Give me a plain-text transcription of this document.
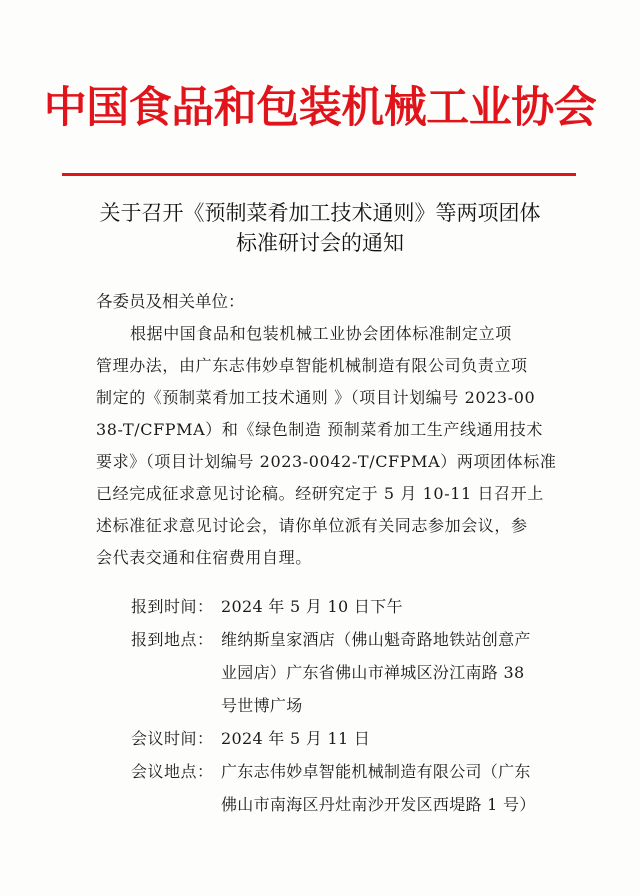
中国食品和包装机械工业协会
关于召开《预制菜肴加工技术通则》等两项团体
标准研讨会的通知
各委员及相关单位：
根据中国食品和包装机械工业协会团体标准制定立项
管理办法，由广东志伟妙卓智能机械制造有限公司负责立项
制定的《预制菜肴加工技术通则 》（项目计划编号 2023-00
38-T/CFPMA）和《绿色制造 预制菜肴加工生产线通用技术
要求》（项目计划编号 2023-0042-T/CFPMA）两项团体标准
已经完成征求意见讨论稿。经研究定于 5 月 10-11 日召开上
述标准征求意见讨论会，请你单位派有关同志参加会议，参
会代表交通和住宿费用自理。
报到时间： 2024 年 5 月 10 日下午
报到地点： 维纳斯皇家酒店（佛山魁奇路地铁站创意产
业园店）广东省佛山市禅城区汾江南路 38
号世博广场
会议时间： 2024 年 5 月 11 日
会议地点： 广东志伟妙卓智能机械制造有限公司（广东
佛山市南海区丹灶南沙开发区西堤路 1 号）
